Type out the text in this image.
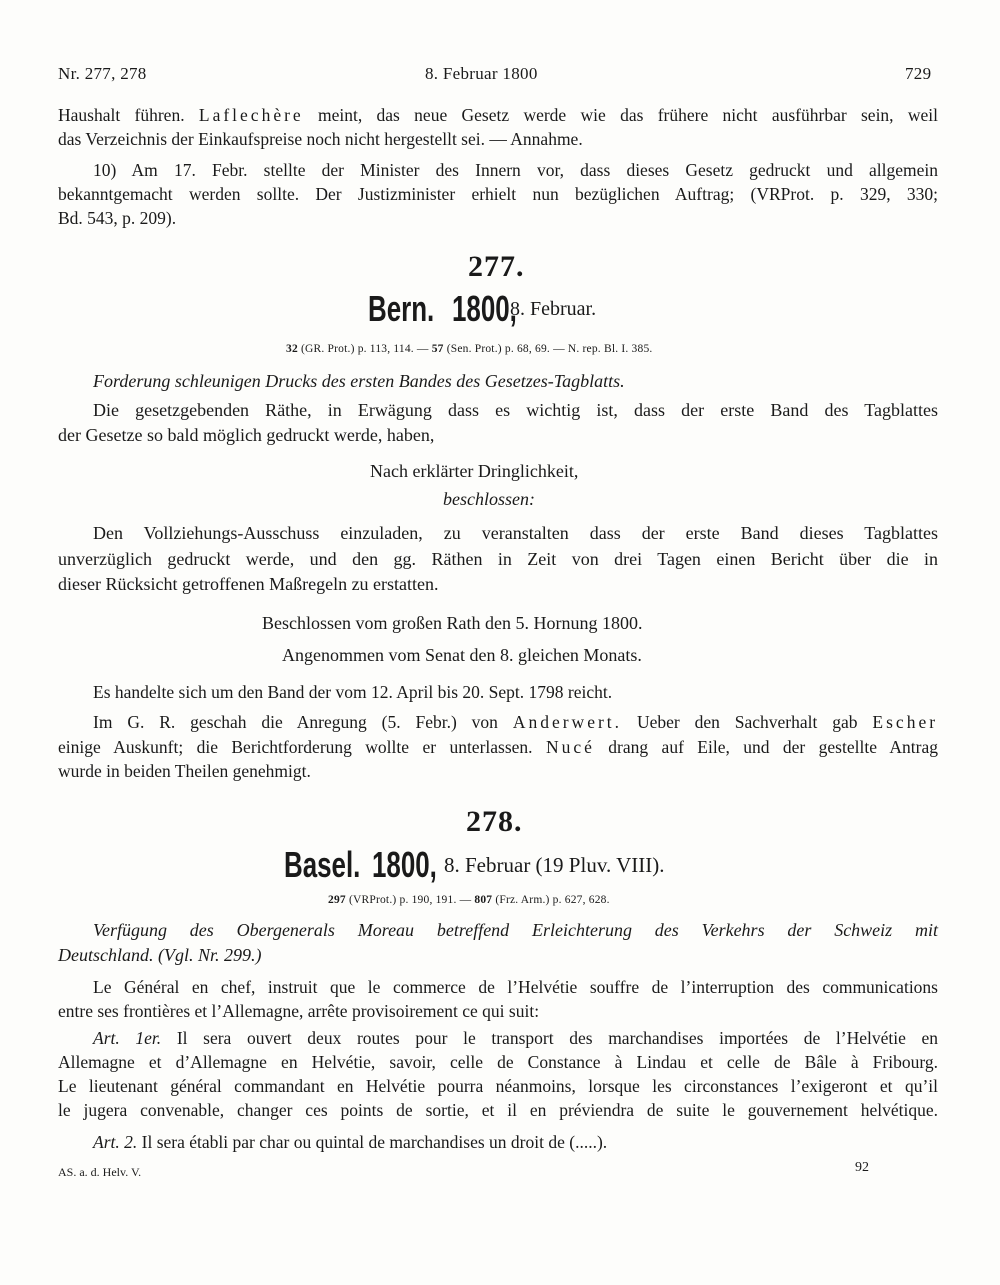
Nr. 277, 278	8. Februar 1800	729
Haushalt führen. Laflechère meint, das neue Gesetz werde wie das frühere nicht ausführbar sein, weil
das Verzeichnis der Einkaufspreise noch nicht hergestellt sei. — Annahme.
10) Am 17. Febr. stellte der Minister des Innern vor, dass dieses Gesetz gedruckt und allgemein
bekanntgemacht werden sollte. Der Justizminister erhielt nun bezüglichen Auftrag; (VRProt. p. 329, 330;
Bd. 543, p. 209).
277.
Bern. 1800,
8. Februar.
32 (GR. Prot.) p. 113, 114. — 57 (Sen. Prot.) p. 68, 69. — N. rep. Bl. I. 385.
Forderung schleunigen Drucks des ersten Bandes des Gesetzes-Tagblatts.
Die gesetzgebenden Räthe, in Erwägung dass es wichtig ist, dass der erste Band des Tagblattes
der Gesetze so bald möglich gedruckt werde, haben,
Nach erklärter Dringlichkeit,
beschlossen:
Den Vollziehungs-Ausschuss einzuladen, zu veranstalten dass der erste Band dieses Tagblattes
unverzüglich gedruckt werde, und den gg. Räthen in Zeit von drei Tagen einen Bericht über die in
dieser Rücksicht getroffenen Maßregeln zu erstatten.
Beschlossen vom großen Rath den 5. Hornung 1800.
Angenommen vom Senat den 8. gleichen Monats.
Es handelte sich um den Band der vom 12. April bis 20. Sept. 1798 reicht.
Im G. R. geschah die Anregung (5. Febr.) von Anderwert. Ueber den Sachverhalt gab Escher
einige Auskunft; die Berichtforderung wollte er unterlassen. Nucé drang auf Eile, und der gestellte Antrag
wurde in beiden Theilen genehmigt.
278.
Basel. 1800, 8. Februar (19 Pluv. VIII).
297 (VRProt.) p. 190, 191. — 807 (Frz. Arm.) p. 627, 628.
Verfügung des Obergenerals Moreau betreffend Erleichterung des Verkehrs der Schweiz mit
Deutschland. (Vgl. Nr. 299.)
Le Général en chef, instruit que le commerce de l’Helvétie souffre de l’interruption des communications
entre ses frontières et l’Allemagne, arrête provisoirement ce qui suit:
Art. 1er. Il sera ouvert deux routes pour le transport des marchandises importées de l’Helvétie en
Allemagne et d’Allemagne en Helvétie, savoir, celle de Constance à Lindau et celle de Bâle à Fribourg.
Le lieutenant général commandant en Helvétie pourra néanmoins, lorsque les circonstances l’exigeront et qu’il
le jugera convenable, changer ces points de sortie, et il en préviendra de suite le gouvernement helvétique.
Art. 2. Il sera établi par char ou quintal de marchandises un droit de (.....).
AS. a. d. Helv. V.	92
